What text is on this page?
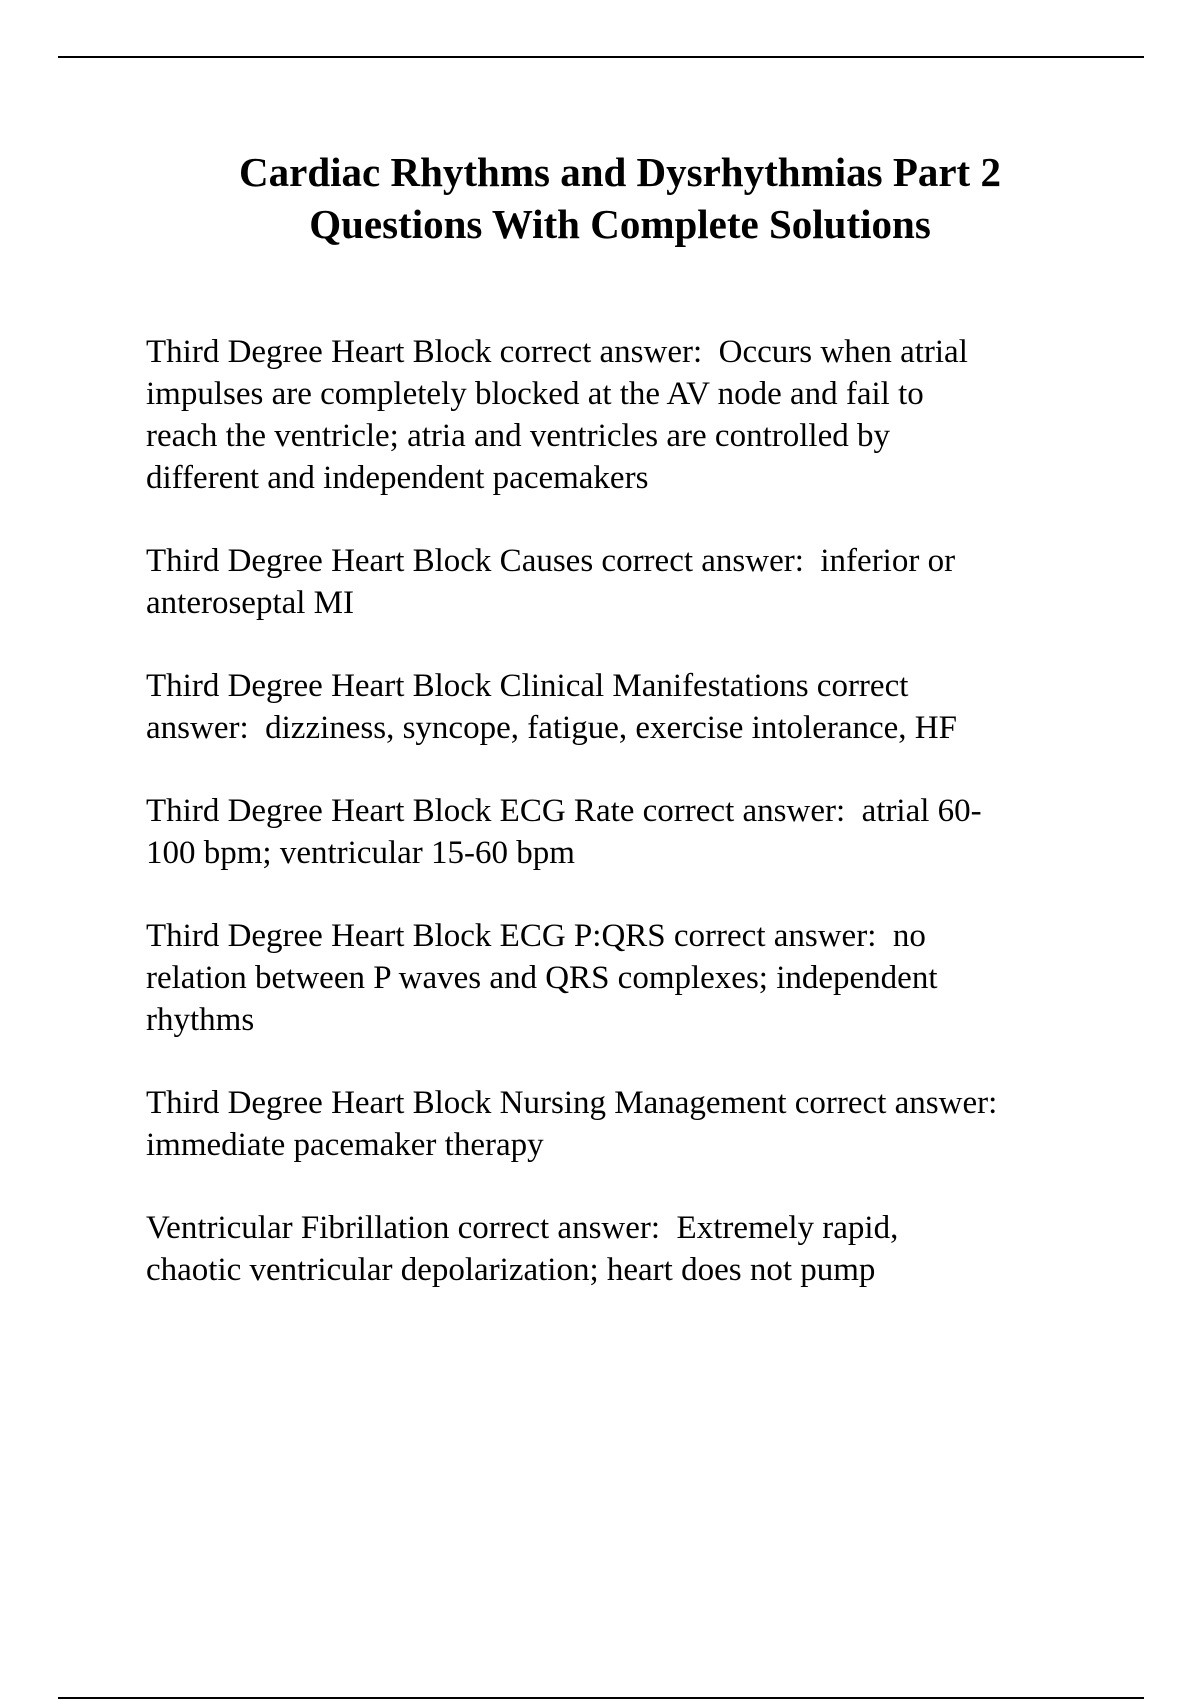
Cardiac Rhythms and Dysrhythmias Part 2
Questions With Complete Solutions
Third Degree Heart Block correct answer:  Occurs when atrial
impulses are completely blocked at the AV node and fail to
reach the ventricle; atria and ventricles are controlled by
different and independent pacemakers
Third Degree Heart Block Causes correct answer:  inferior or
anteroseptal MI
Third Degree Heart Block Clinical Manifestations correct
answer:  dizziness, syncope, fatigue, exercise intolerance, HF
Third Degree Heart Block ECG Rate correct answer:  atrial 60-
100 bpm; ventricular 15-60 bpm
Third Degree Heart Block ECG P:QRS correct answer:  no
relation between P waves and QRS complexes; independent
rhythms
Third Degree Heart Block Nursing Management correct answer:
immediate pacemaker therapy
Ventricular Fibrillation correct answer:  Extremely rapid,
chaotic ventricular depolarization; heart does not pump
